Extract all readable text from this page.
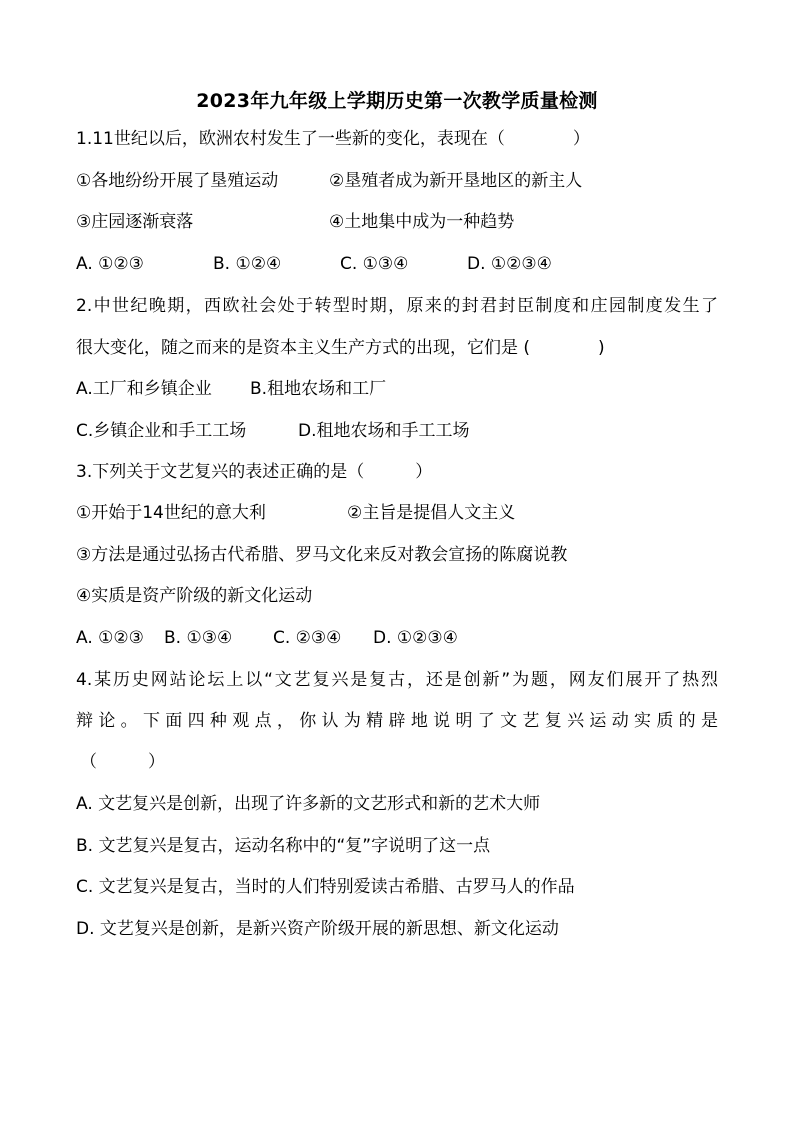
2023年九年级上学期历史第一次教学质量检测
1.11世纪以后，欧洲农村发生了一些新的变化，表现在（　　　　）
①各地纷纷开展了垦殖运动	②垦殖者成为新开垦地区的新主人
③庄园逐渐衰落	④土地集中成为一种趋势
A. ①②③	B. ①②④	C. ①③④	D. ①②③④
2.中世纪晚期，西欧社会处于转型时期，原来的封君封臣制度和庄园制度发生了
很大变化，随之而来的是资本主义生产方式的出现，它们是 (　　　　)
A.工厂和乡镇企业 B.租地农场和工厂
C.乡镇企业和手工工场	D.租地农场和手工工场
3.下列关于文艺复兴的表述正确的是（　　　）
①开始于14世纪的意大利	②主旨是提倡人文主义
③方法是通过弘扬古代希腊、罗马文化来反对教会宣扬的陈腐说教
④实质是资产阶级的新文化运动
A. ①②③ B. ①③④ C. ②③④ D. ①②③④
4.某历史网站论坛上以“文艺复兴是复古，还是创新”为题，网友们展开了热烈
辩论。下面四种观点，你认为精辟地说明了文艺复兴运动实质的是
（　　　）
A. 文艺复兴是创新，出现了许多新的文艺形式和新的艺术大师
B. 文艺复兴是复古，运动名称中的“复”字说明了这一点
C. 文艺复兴是复古，当时的人们特别爱读古希腊、古罗马人的作品
D. 文艺复兴是创新，是新兴资产阶级开展的新思想、新文化运动
